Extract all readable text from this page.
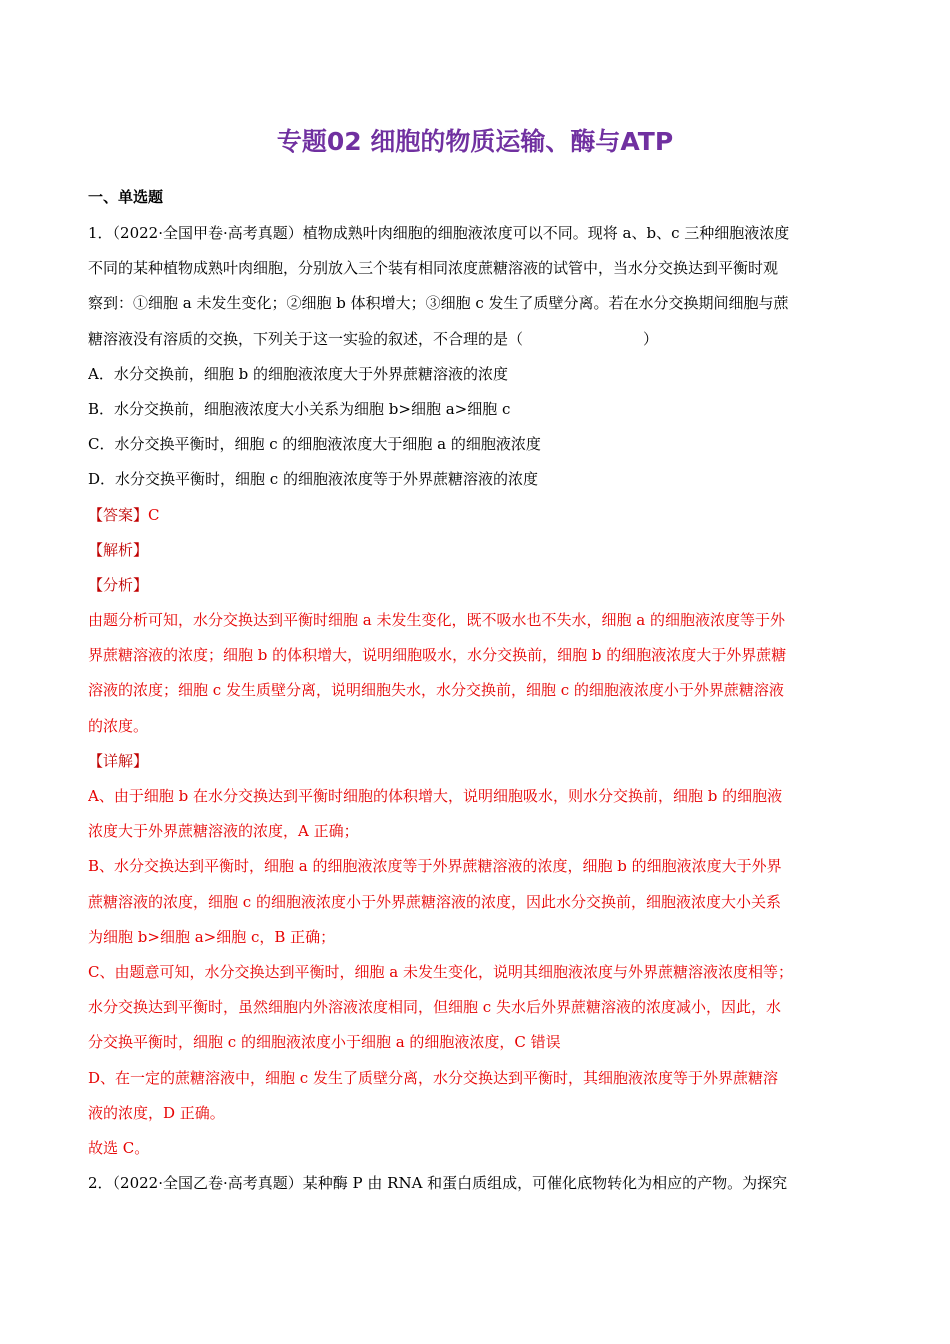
专题02 细胞的物质运输、酶与ATP
一、单选题
1．（2022·全国甲卷·高考真题）植物成熟叶肉细胞的细胞液浓度可以不同。现将 a、b、c 三种细胞液浓度
不同的某种植物成熟叶肉细胞，分别放入三个装有相同浓度蔗糖溶液的试管中，当水分交换达到平衡时观
察到：①细胞 a 未发生变化；②细胞 b 体积增大；③细胞 c 发生了质壁分离。若在水分交换期间细胞与蔗
糖溶液没有溶质的交换，下列关于这一实验的叙述，不合理的是（	）
A．水分交换前，细胞 b 的细胞液浓度大于外界蔗糖溶液的浓度
B．水分交换前，细胞液浓度大小关系为细胞 b>细胞 a>细胞 c
C．水分交换平衡时，细胞 c 的细胞液浓度大于细胞 a 的细胞液浓度
D．水分交换平衡时，细胞 c 的细胞液浓度等于外界蔗糖溶液的浓度
【答案】C
【解析】
【分析】
由题分析可知，水分交换达到平衡时细胞 a 未发生变化，既不吸水也不失水，细胞 a 的细胞液浓度等于外
界蔗糖溶液的浓度；细胞 b 的体积增大，说明细胞吸水，水分交换前，细胞 b 的细胞液浓度大于外界蔗糖
溶液的浓度；细胞 c 发生质壁分离，说明细胞失水，水分交换前，细胞 c 的细胞液浓度小于外界蔗糖溶液
的浓度。
【详解】
A、由于细胞 b 在水分交换达到平衡时细胞的体积增大，说明细胞吸水，则水分交换前，细胞 b 的细胞液
浓度大于外界蔗糖溶液的浓度，A 正确；
B、水分交换达到平衡时，细胞 a 的细胞液浓度等于外界蔗糖溶液的浓度，细胞 b 的细胞液浓度大于外界
蔗糖溶液的浓度，细胞 c 的细胞液浓度小于外界蔗糖溶液的浓度，因此水分交换前，细胞液浓度大小关系
为细胞 b>细胞 a>细胞 c，B 正确；
C、由题意可知，水分交换达到平衡时，细胞 a 未发生变化，说明其细胞液浓度与外界蔗糖溶液浓度相等；
水分交换达到平衡时，虽然细胞内外溶液浓度相同，但细胞 c 失水后外界蔗糖溶液的浓度减小，因此，水
分交换平衡时，细胞 c 的细胞液浓度小于细胞 a 的细胞液浓度，C 错误
D、在一定的蔗糖溶液中，细胞 c 发生了质壁分离，水分交换达到平衡时，其细胞液浓度等于外界蔗糖溶
液的浓度，D 正确。
故选 C。
2．（2022·全国乙卷·高考真题）某种酶 P 由 RNA 和蛋白质组成，可催化底物转化为相应的产物。为探究
